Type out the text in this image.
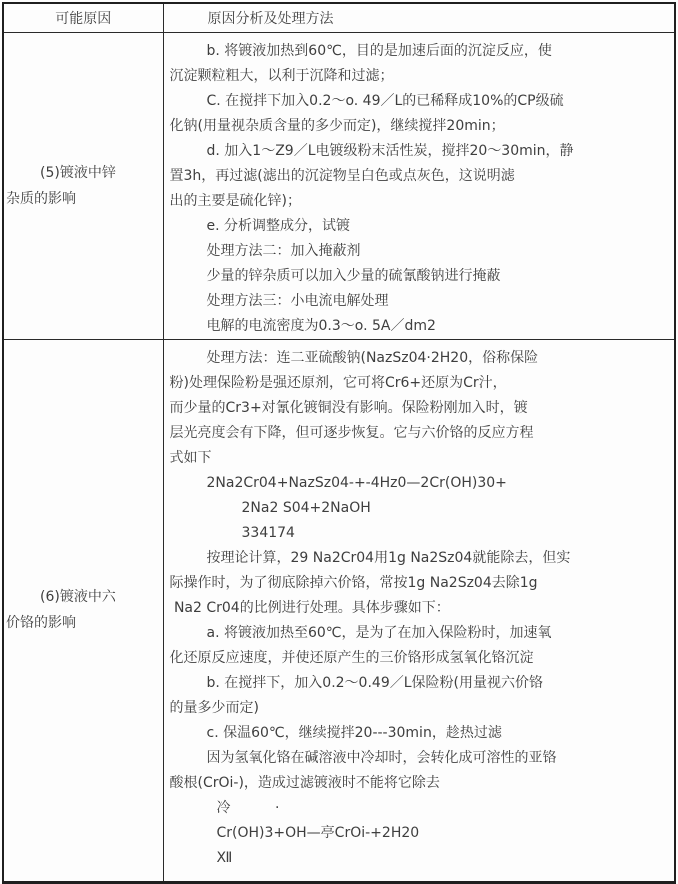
可能原因	原因分析及处理方法

(5)镀液中锌
杂质的影响

b. 将镀液加热到60℃，目的是加速后面的沉淀反应，使
沉淀颗粒粗大，以利于沉降和过滤；
C. 在搅拌下加入0.2～o. 49／L的已稀释成10%的CP级硫
化钠(用量视杂质含量的多少而定)，继续搅拌20min；
d. 加入1～Z9／L电镀级粉末活性炭，搅拌20～30min，静
置3h，再过滤(滤出的沉淀物呈白色或点灰色，这说明滤
出的主要是硫化锌)；
e. 分析调整成分，试镀
处理方法二：加入掩蔽剂
少量的锌杂质可以加入少量的硫氰酸钠进行掩蔽
处理方法三：小电流电解处理
电解的电流密度为0.3～o. 5A／dm2

(6)镀液中六
价铬的影响

处理方法：连二亚硫酸钠(NazSz04·2H20，俗称保险
粉)处理保险粉是强还原剂，它可将Cr6+还原为Cr汁，
而少量的Cr3+对氰化镀铜没有影响。保险粉刚加入时，镀
层光亮度会有下降，但可逐步恢复。它与六价铬的反应方程
式如下
2Na2Cr04+NazSz04-+-4Hz0—2Cr(OH)30+
2Na2 S04+2NaOH
334174
按理论计算，29 Na2Cr04用1g Na2Sz04就能除去，但实
际操作时，为了彻底除掉六价铬，常按1g Na2Sz04去除1g
Na2 Cr04的比例进行处理。具体步骤如下：
a. 将镀液加热至60℃，是为了在加入保险粉时，加速氧
化还原反应速度，并使还原产生的三价铬形成氢氧化铬沉淀
b. 在搅拌下，加入0.2～0.49／L保险粉(用量视六价铬
的量多少而定)
c. 保温60℃，继续搅拌20---30min，趁热过滤
因为氢氧化铬在碱溶液中冷却时，会转化成可溶性的亚铬
酸根(CrOi-)，造成过滤镀液时不能将它除去
冷          ·
Cr(OH)3+OH—亭CrOi-+2H20
Ⅻ
